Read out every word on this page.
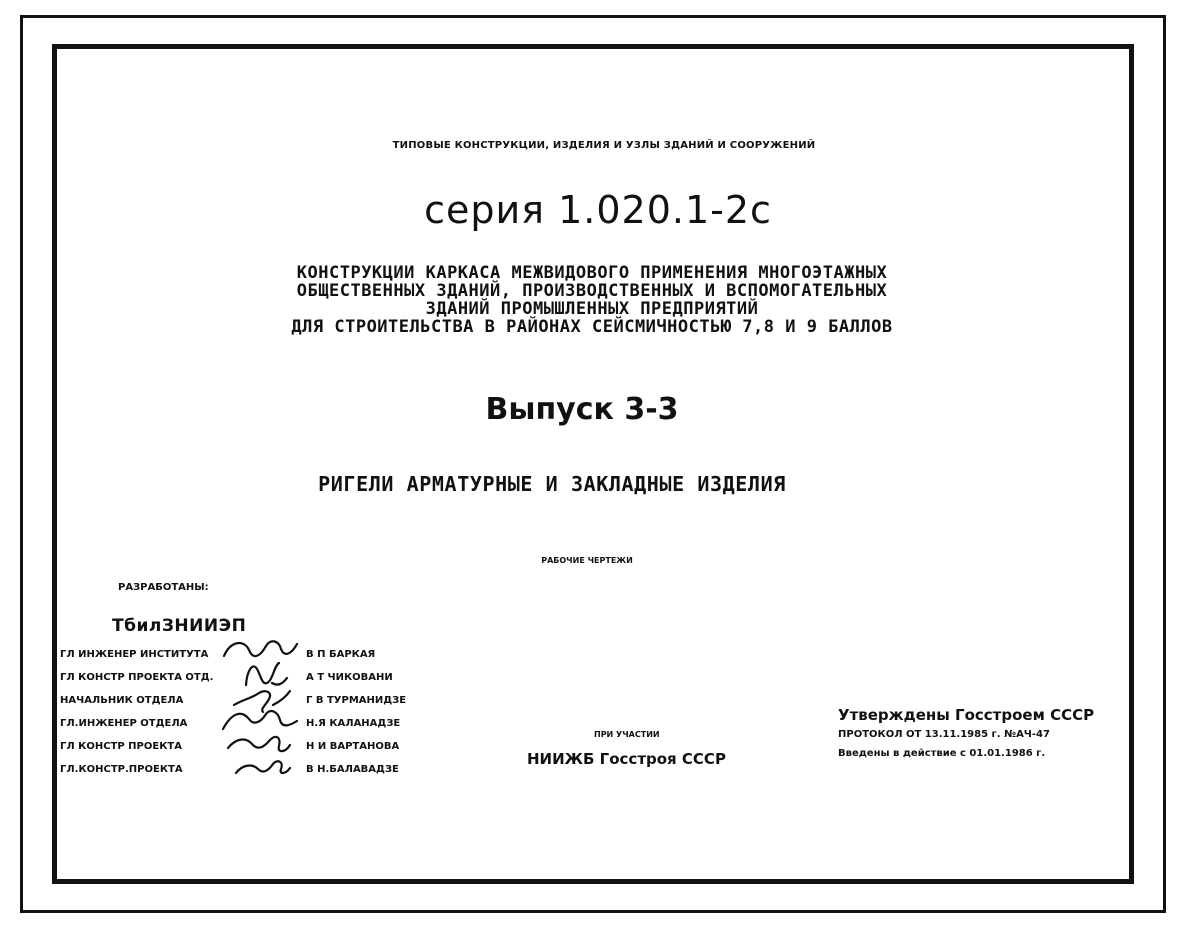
ТИПОВЫЕ КОНСТРУКЦИИ, ИЗДЕЛИЯ И УЗЛЫ ЗДАНИЙ И СООРУЖЕНИЙ
серия 1.020.1-2с
КОНСТРУКЦИИ КАРКАСА МЕЖВИДОВОГО ПРИМЕНЕНИЯ МНОГОЭТАЖНЫХ
ОБЩЕСТВЕННЫХ ЗДАНИЙ, ПРОИЗВОДСТВЕННЫХ И ВСПОМОГАТЕЛЬНЫХ
ЗДАНИЙ ПРОМЫШЛЕННЫХ ПРЕДПРИЯТИЙ
ДЛЯ СТРОИТЕЛЬСТВА В РАЙОНАХ СЕЙСМИЧНОСТЬЮ 7,8 И 9 БАЛЛОВ
Выпуск 3-3
РИГЕЛИ АРМАТУРНЫЕ И ЗАКЛАДНЫЕ ИЗДЕЛИЯ
РАБОЧИЕ ЧЕРТЕЖИ
РАЗРАБОТАНЫ:
ТбилЗНИИЭП
ГЛ ИНЖЕНЕР ИНСТИТУТА	В П БАРКАЯ
ГЛ КОНСТР ПРОЕКТА ОТД.	А Т ЧИКОВАНИ
НАЧАЛЬНИК ОТДЕЛА	Г В ТУРМАНИДЗЕ
ГЛ.ИНЖЕНЕР ОТДЕЛА	Н.Я КАЛАНАДЗЕ
ГЛ КОНСТР ПРОЕКТА	Н И ВАРТАНОВА
ГЛ.КОНСТР.ПРОЕКТА	В Н.БАЛАВАДЗЕ
ПРИ УЧАСТИИ
НИИЖБ Госстроя СССР
Утверждены Госстроем СССР
ПРОТОКОЛ ОТ 13.11.1985 г. №АЧ-47
Введены в действие с 01.01.1986 г.
